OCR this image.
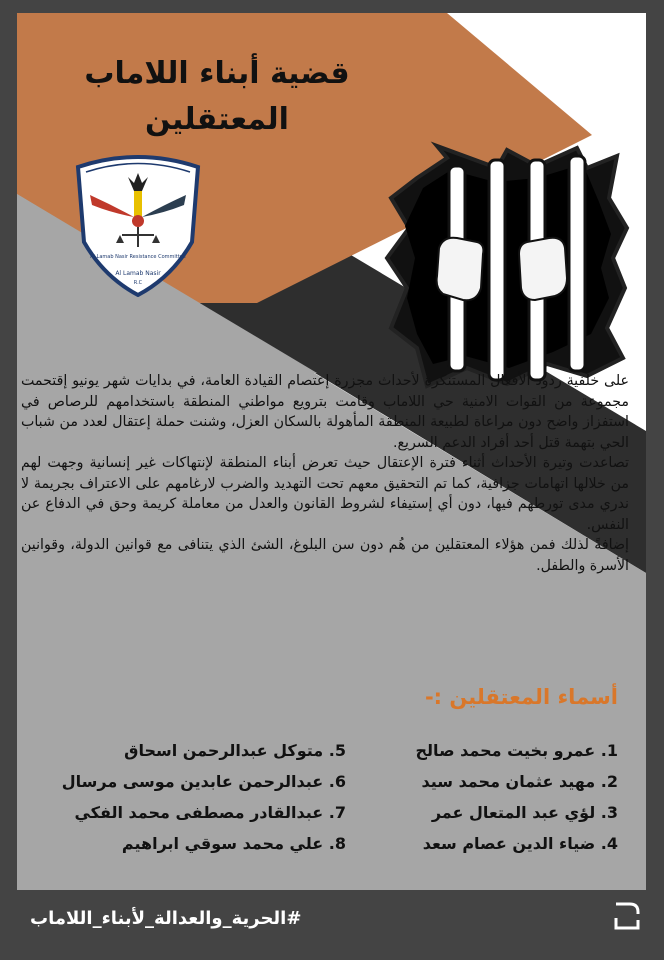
قضية أبناء اللاماب
المعتقلين
Al Lamab Nasir Resistance Committee
Al Lamab Nasir
R.C

على خلفية ردود الأفعال المستنكرة لأحداث مجزرة إعتصام القيادة العامة، في بدايات شهر يونيو إقتحمت مجموعة من القوات الامنية حي اللاماب وقامت بترويع مواطني المنطقة باستخدامهم للرصاص في استفزاز واضح دون مراعاة لطبيعة المنطقة المأهولة بالسكان العزل، وشنت حملة إعتقال لعدد من شباب الحي بتهمة قتل أحد أفراد الدعم السريع.

تصاعدت وتيرة الأحداث أثناء فترة الإعتقال حيث تعرض أبناء المنطقة لإنتهاكات غير إنسانية وجهت لهم من خلالها اتهامات جزافية، كما تم التحقيق معهم تحت التهديد والضرب لارغامهم على الاعتراف بجريمة لا ندري مدى تورطهم فيها، دون أي إستيفاء لشروط القانون والعدل من معاملة كريمة وحق في الدفاع عن النفس.

إضافةً لذلك فمن هؤلاء المعتقلين من هُم دون سن البلوغ، الشئ الذي يتنافى مع قوانين الدولة، وقوانين الأسرة والطفل.

أسماء المعتقلين :-
1. عمرو بخيت محمد صالح
2. مهيد عثمان محمد سيد
3. لؤي عبد المتعال عمر
4. ضياء الدين عصام سعد
5. متوكل عبدالرحمن اسحاق
6. عبدالرحمن عابدين موسى مرسال
7. عبدالقادر مصطفى محمد الفكي
8. علي محمد سوقي ابراهيم
#الحرية_والعدالة_لأبناء_اللاماب
